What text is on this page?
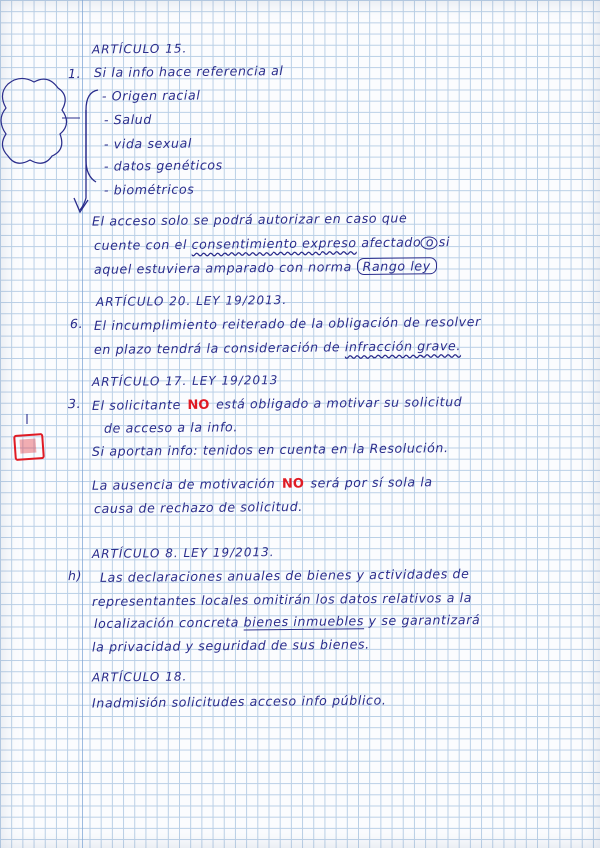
ARTÍCULO 15.
1. Si la info hace referencia al
- Origen racial
- Salud
- vida sexual
- datos genéticos
- biométricos
El acceso solo se podrá autorizar en caso que
cuente con el consentimiento expreso afectado o si
aquel estuviera amparado con norma Rango ley
ARTÍCULO 20. LEY 19/2013.
6. El incumplimiento reiterado de la obligación de resolver
en plazo tendrá la consideración de infracción grave.
ARTÍCULO 17. LEY 19/2013
3. El solicitante NO está obligado a motivar su solicitud
de acceso a la info.
Si aportan info: tenidos en cuenta en la Resolución.
La ausencia de motivación NO será por sí sola la
causa de rechazo de solicitud.
ARTÍCULO 8. LEY 19/2013.
h) Las declaraciones anuales de bienes y actividades de
representantes locales omitirán los datos relativos a la
localización concreta bienes inmuebles y se garantizará
la privacidad y seguridad de sus bienes.
ARTÍCULO 18.
Inadmisión solicitudes acceso info público.
